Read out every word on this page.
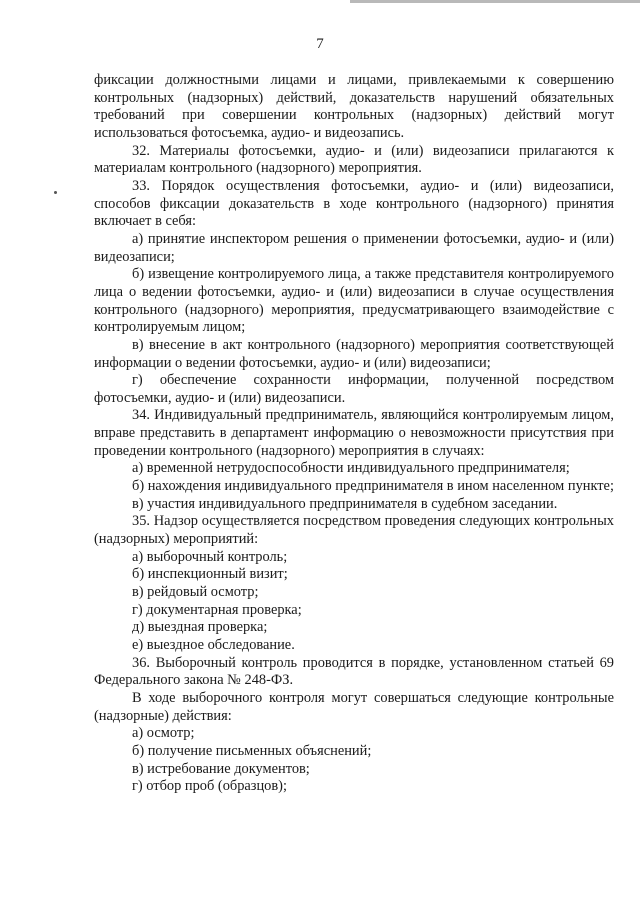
7

фиксации должностными лицами и лицами, привлекаемыми к совершению контрольных (надзорных) действий, доказательств нарушений обязательных требований при совершении контрольных (надзорных) действий могут использоваться фотосъемка, аудио- и видеозапись.

32. Материалы фотосъемки, аудио- и (или) видеозаписи прилагаются к материалам контрольного (надзорного) мероприятия.

33. Порядок осуществления фотосъемки, аудио- и (или) видеозаписи, способов фиксации доказательств в ходе контрольного (надзорного) принятия включает в себя:

а) принятие инспектором решения о применении фотосъемки, аудио- и (или) видеозаписи;

б) извещение контролируемого лица, а также представителя контролируемого лица о ведении фотосъемки, аудио- и (или) видеозаписи в случае осуществления контрольного (надзорного) мероприятия, предусматривающего взаимодействие с контролируемым лицом;

в) внесение в акт контрольного (надзорного) мероприятия соответствующей информации о ведении фотосъемки, аудио- и (или) видеозаписи;

г) обеспечение сохранности информации, полученной посредством фотосъемки, аудио- и (или) видеозаписи.

34. Индивидуальный предприниматель, являющийся контролируемым лицом, вправе представить в департамент информацию о невозможности присутствия при проведении контрольного (надзорного) мероприятия в случаях:

а) временной нетрудоспособности индивидуального предпринимателя;

б) нахождения индивидуального предпринимателя в ином населенном пункте;

в) участия индивидуального предпринимателя в судебном заседании.

35. Надзор осуществляется посредством проведения следующих контрольных (надзорных) мероприятий:

а) выборочный контроль;

б) инспекционный визит;

в) рейдовый осмотр;

г) документарная проверка;

д) выездная проверка;

е) выездное обследование.

36. Выборочный контроль проводится в порядке, установленном статьей 69 Федерального закона № 248-ФЗ.

В ходе выборочного контроля могут совершаться следующие контрольные (надзорные) действия:

а) осмотр;

б) получение письменных объяснений;

в) истребование документов;

г) отбор проб (образцов);
